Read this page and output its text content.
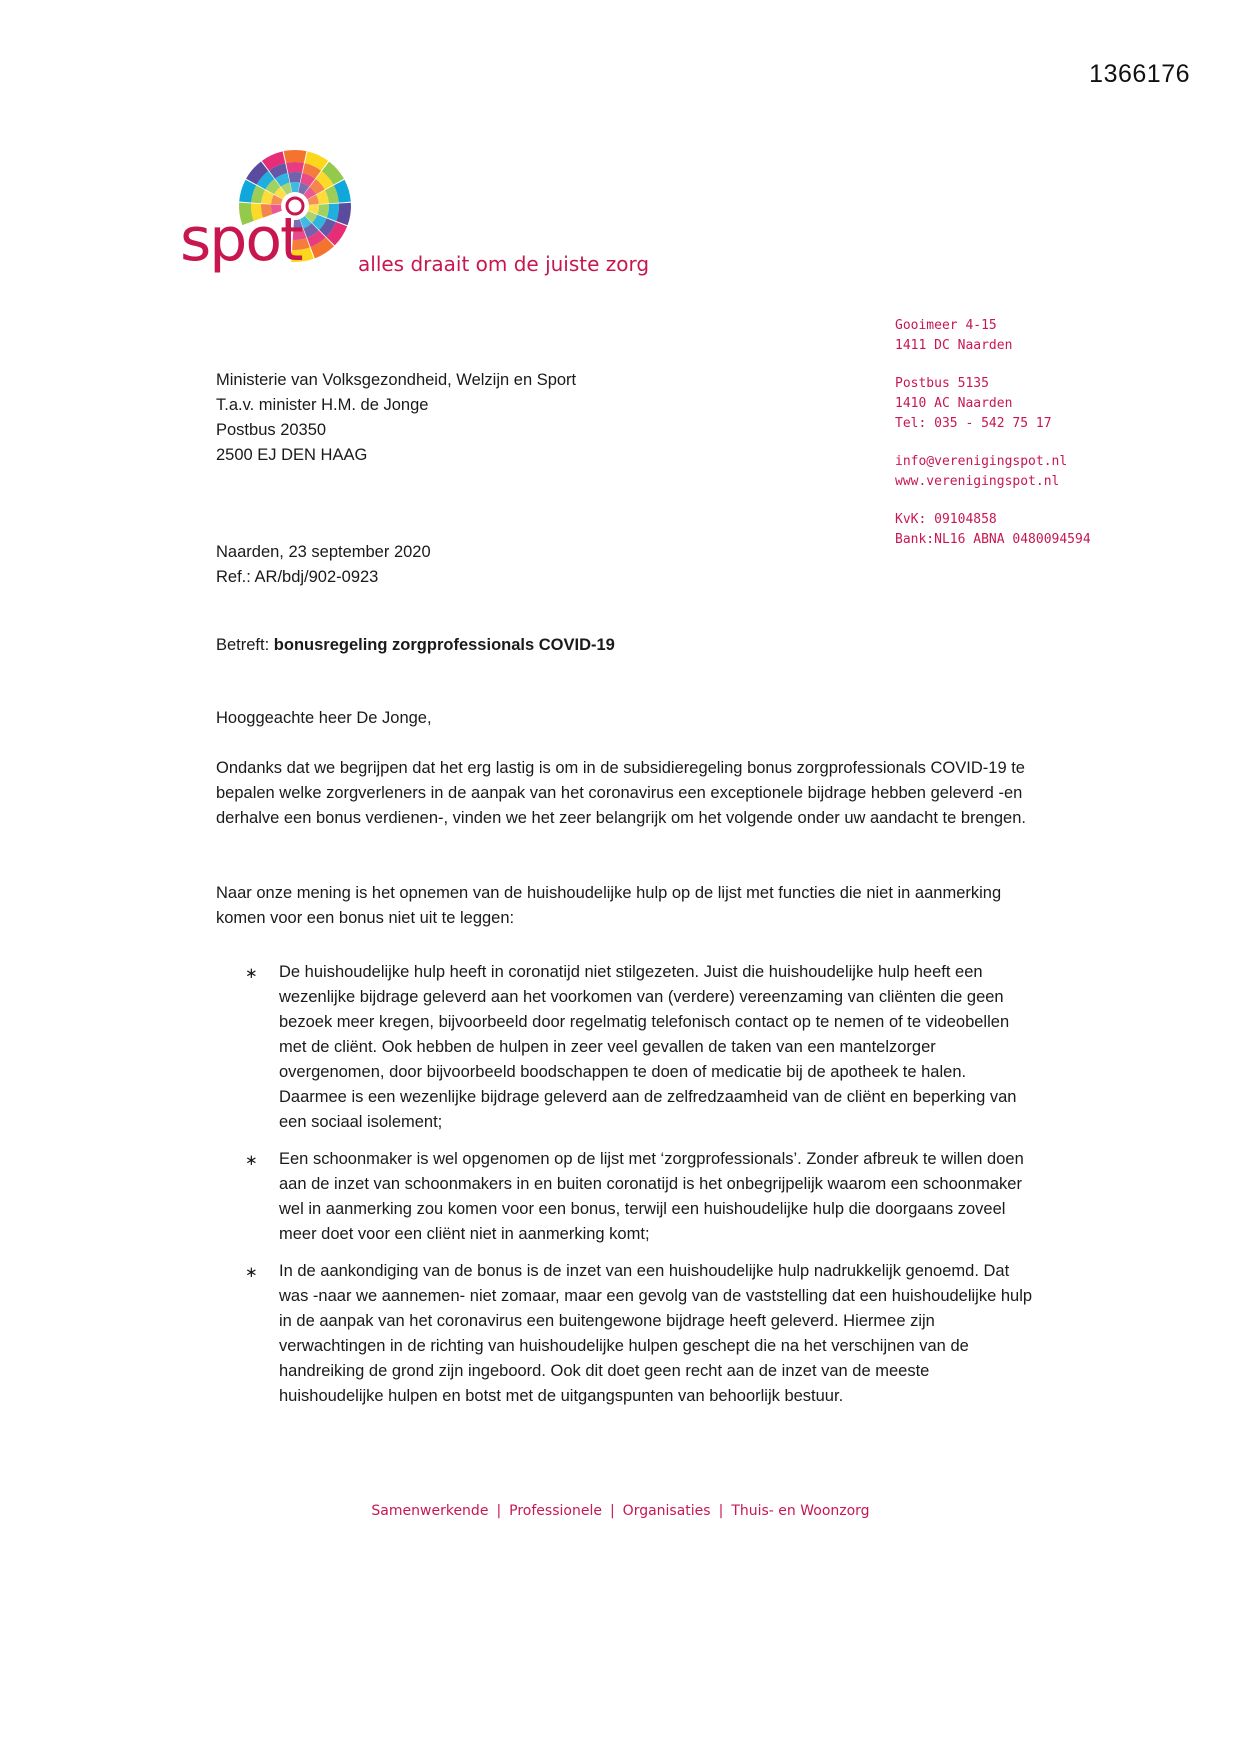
1366176
spot	alles draait om de juiste zorg
Gooimeer 4-15
1411 DC Naarden
Postbus 5135
1410 AC Naarden
Tel: 035 - 542 75 17
info@verenigingspot.nl
www.verenigingspot.nl
KvK: 09104858
Bank:NL16 ABNA 0480094594
Ministerie van Volksgezondheid, Welzijn en Sport
T.a.v. minister H.M. de Jonge
Postbus 20350
2500 EJ DEN HAAG
Naarden, 23 september 2020
Ref.: AR/bdj/902-0923
Betreft: bonusregeling zorgprofessionals COVID-19
Hooggeachte heer De Jonge,
Ondanks dat we begrijpen dat het erg lastig is om in de subsidieregeling bonus zorgprofessionals COVID-19 te bepalen welke zorgverleners in de aanpak van het coronavirus een exceptionele bijdrage hebben geleverd -en derhalve een bonus verdienen-, vinden we het zeer belangrijk om het volgende onder uw aandacht te brengen.
Naar onze mening is het opnemen van de huishoudelijke hulp op de lijst met functies die niet in aanmerking komen voor een bonus niet uit te leggen:
∗ De huishoudelijke hulp heeft in coronatijd niet stilgezeten. Juist die huishoudelijke hulp heeft een wezenlijke bijdrage geleverd aan het voorkomen van (verdere) vereenzaming van cliënten die geen bezoek meer kregen, bijvoorbeeld door regelmatig telefonisch contact op te nemen of te videobellen met de cliënt. Ook hebben de hulpen in zeer veel gevallen de taken van een mantelzorger overgenomen, door bijvoorbeeld boodschappen te doen of medicatie bij de apotheek te halen. Daarmee is een wezenlijke bijdrage geleverd aan de zelfredzaamheid van de cliënt en beperking van een sociaal isolement;
∗ Een schoonmaker is wel opgenomen op de lijst met ‘zorgprofessionals’. Zonder afbreuk te willen doen aan de inzet van schoonmakers in en buiten coronatijd is het onbegrijpelijk waarom een schoonmaker wel in aanmerking zou komen voor een bonus, terwijl een huishoudelijke hulp die doorgaans zoveel meer doet voor een cliënt niet in aanmerking komt;
∗ In de aankondiging van de bonus is de inzet van een huishoudelijke hulp nadrukkelijk genoemd. Dat was -naar we aannemen- niet zomaar, maar een gevolg van de vaststelling dat een huishoudelijke hulp in de aanpak van het coronavirus een buitengewone bijdrage heeft geleverd. Hiermee zijn verwachtingen in de richting van huishoudelijke hulpen geschept die na het verschijnen van de handreiking de grond zijn ingeboord. Ook dit doet geen recht aan de inzet van de meeste huishoudelijke hulpen en botst met de uitgangspunten van behoorlijk bestuur.
Samenwerkende | Professionele | Organisaties | Thuis- en Woonzorg
